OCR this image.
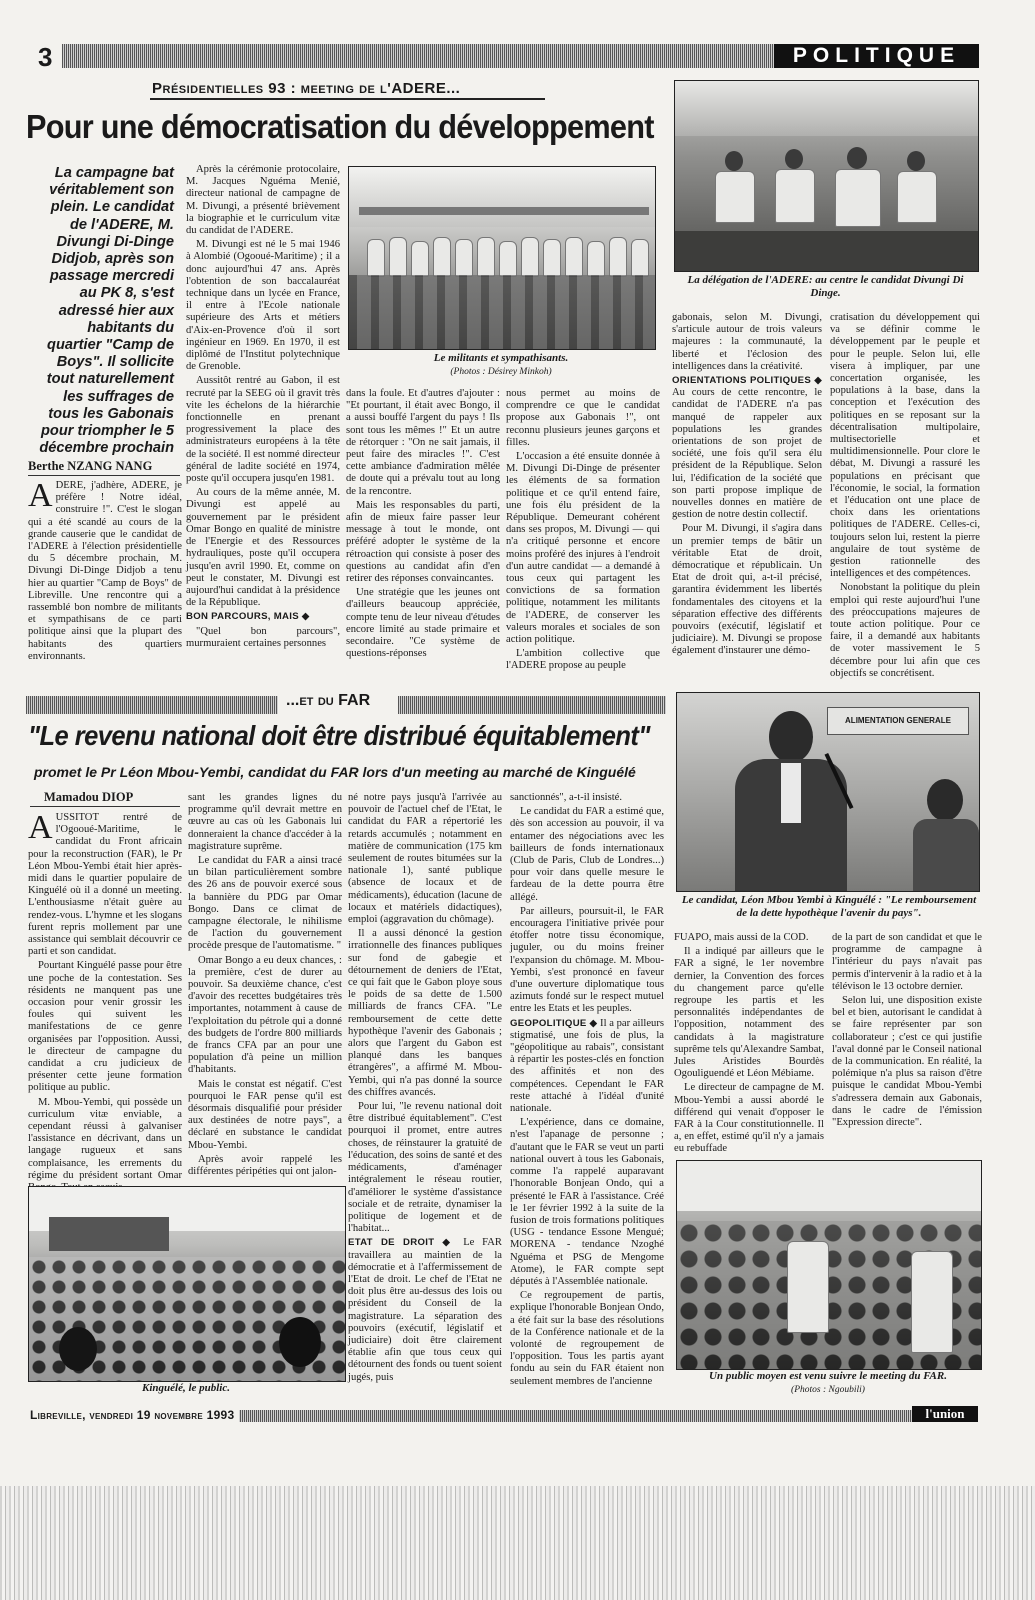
3	POLITIQUE
Présidentielles 93 : meeting de l'ADERE...
Pour une démocratisation du développement
La campagne bat véritablement son plein. Le candidat de l'ADERE, M. Divungi Di-Dinge Didjob, après son passage mercredi au PK 8, s'est adressé hier aux habitants du quartier "Camp de Boys". Il sollicite tout naturellement les suffrages de tous les Gabonais pour triompher le 5 décembre prochain
Berthe NZANG NANG

ADERE, j'adhère, ADERE, je préfère ! Notre idéal, construire !". C'est le slogan qui a été scandé au cours de la grande causerie que le candidat de l'ADERE à l'élection présidentielle du 5 décembre prochain, M. Divungi Di-Dinge Didjob a tenu hier au quartier "Camp de Boys" de Libreville. Une rencontre qui a rassemblé bon nombre de militants et sympathisans de ce parti politique ainsi que la plupart des habitants des quartiers environnants.

Après la cérémonie protocolaire, M. Jacques Nguéma Menié, directeur national de campagne de M. Divungi, a présenté brièvement la biographie et le curriculum vitæ du candidat de l'ADERE.

M. Divungi est né le 5 mai 1946 à Alombié (Ogooué-Maritime) ; il a donc aujourd'hui 47 ans. Après l'obtention de son baccalauréat technique dans un lycée en France, il entre à l'Ecole nationale supérieure des Arts et métiers d'Aix-en-Provence d'où il sort ingénieur en 1969. En 1970, il est diplômé de l'Institut polytechnique de Grenoble.

Aussitôt rentré au Gabon, il est recruté par la SEEG où il gravit très vite les échelons de la hiérarchie fonctionnelle en prenant progressivement la place des administrateurs européens à la tête de la société. Il est nommé directeur général de ladite société en 1974, poste qu'il occupera jusqu'en 1981.

Au cours de la même année, M. Divungi est appelé au gouvernement par le président Omar Bongo en qualité de ministre de l'Energie et des Ressources hydrauliques, poste qu'il occupera jusqu'en avril 1990. Et, comme on peut le constater, M. Divungi est aujourd'hui candidat à la présidence de la République.

BON PARCOURS, MAIS ◆

"Quel bon parcours", murmuraient certaines personnes

Le militants et sympathisants.
(Photos : Désirey Minkoh)

dans la foule. Et d'autres d'ajouter : "Et pourtant, il était avec Bongo, il a aussi bouffé l'argent du pays ! Ils sont tous les mêmes !" Et un autre de rétorquer : "On ne sait jamais, il peut faire des miracles !". C'est cette ambiance d'admiration mêlée de doute qui a prévalu tout au long de la rencontre.

Mais les responsables du parti, afin de mieux faire passer leur message à tout le monde, ont préféré adopter le système de la rétroaction qui consiste à poser des questions au candidat afin d'en retirer des réponses convaincantes.

Une stratégie que les jeunes ont d'ailleurs beaucoup appréciée, compte tenu de leur niveau d'études encore limité au stade primaire et secondaire. "Ce système de questions-réponses

nous permet au moins de comprendre ce que le candidat propose aux Gabonais !", ont reconnu plusieurs jeunes garçons et filles.

L'occasion a été ensuite donnée à M. Divungi Di-Dinge de présenter les éléments de sa formation politique et ce qu'il entend faire, une fois élu président de la République. Demeurant cohérent dans ses propos, M. Divungi — qui n'a critiqué personne et encore moins proféré des injures à l'endroit d'un autre candidat — a demandé à tous ceux qui partagent les convictions de sa formation politique, notamment les militants de l'ADERE, de conserver les valeurs morales et sociales de son action politique.

L'ambition collective que l'ADERE propose au peuple

La délégation de l'ADERE: au centre le candidat Divungi Di Dinge.

gabonais, selon M. Divungi, s'articule autour de trois valeurs majeures : la communauté, la liberté et l'éclosion des intelligences dans la créativité.

ORIENTATIONS POLITIQUES ◆ Au cours de cette rencontre, le candidat de l'ADERE n'a pas manqué de rappeler aux populations les grandes orientations de son projet de société, une fois qu'il sera élu président de la République. Selon lui, l'édification de la société que son parti propose implique de nouvelles donnes en matière de gestion de notre destin collectif.

Pour M. Divungi, il s'agira dans un premier temps de bâtir un véritable Etat de droit, démocratique et républicain. Un Etat de droit qui, a-t-il précisé, garantira évidemment les libertés fondamentales des citoyens et la séparation effective des différents pouvoirs (exécutif, législatif et judiciaire). M. Divungi se propose également d'instaurer une démo-

cratisation du développement qui va se définir comme le développement par le peuple et pour le peuple. Selon lui, elle visera à impliquer, par une concertation organisée, les populations à la base, dans la conception et l'exécution des politiques en se reposant sur la décentralisation multipolaire, multisectorielle et multidimensionnelle. Pour clore le débat, M. Divungi a rassuré les populations en précisant que l'économie, le social, la formation et l'éducation ont une place de choix dans les orientations politiques de l'ADERE. Celles-ci, toujours selon lui, restent la pierre angulaire de tout système de gestion rationnelle des intelligences et des compétences.

Nonobstant la politique du plein emploi qui reste aujourd'hui l'une des préoccupations majeures de toute action politique. Pour ce faire, il a demandé aux habitants de voter massivement le 5 décembre pour lui afin que ces objectifs se concrétisent.

...et du FAR
"Le revenu national doit être distribué équitablement"
promet le Pr Léon Mbou-Yembi, candidat du FAR lors d'un meeting au marché de Kinguélé
Mamadou DIOP

AUSSITOT rentré de l'Ogooué-Maritime, le candidat du Front africain pour la reconstruction (FAR), le Pr Léon Mbou-Yembi était hier après-midi dans le quartier populaire de Kinguélé où il a donné un meeting. L'enthousiasme n'était guère au rendez-vous. L'hymne et les slogans furent repris mollement par une assistance qui semblait découvrir ce parti et son candidat.

Pourtant Kinguélé passe pour être une poche de la contestation. Ses résidents ne manquent pas une occasion pour venir grossir les foules qui suivent les manifestations de ce genre organisées par l'opposition. Aussi, le directeur de campagne du candidat a cru judicieux de présenter cette jeune formation politique au public.

M. Mbou-Yembi, qui possède un curriculum vitæ enviable, a cependant réussi à galvaniser l'assistance en décrivant, dans un langage rugueux et sans complaisance, les errements du régime du président sortant Omar

sant les grandes lignes du programme qu'il devrait mettre en œuvre au cas où les Gabonais lui donneraient la chance d'accéder à la magistrature suprême.

Le candidat du FAR a ainsi tracé un bilan particulièrement sombre des 26 ans de pouvoir exercé sous la bannière du PDG par Omar Bongo. Dans ce climat de campagne électorale, le nihilisme de l'action du gouvernement procède presque de l'automatisme. "

Omar Bongo a eu deux chances, : la première, c'est de durer au pouvoir. Sa deuxième chance, c'est d'avoir des recettes budgétaires très importantes, notamment à cause de l'exploitation du pétrole qui a donné des budgets de l'ordre 800 milliards de francs CFA par an pour une population d'à peine un million d'habitants.

Mais le constat est négatif. C'est pourquoi le FAR pense qu'il est désormais disqualifié pour présider aux destinées de notre pays", a déclaré en substance le candidat Mbou-Yembi.

Après avoir rappelé les différentes péripéties qui ont jalon-

né notre pays jusqu'à l'arrivée au pouvoir de l'actuel chef de l'Etat, le candidat du FAR a répertorié les retards accumulés ; notamment en matière de communication (175 km seulement de routes bitumées sur la nationale 1), santé publique (absence de locaux et de médicaments), éducation (lacune de locaux et matériels didactiques), emploi (aggravation du chômage).

Il a aussi dénoncé la gestion irrationnelle des finances publiques sur fond de gabegie et détournement de deniers de l'Etat, ce qui fait que le Gabon ploye sous le poids de sa dette de 1.500 milliards de francs CFA. "Le remboursement de cette dette hypothèque l'avenir des Gabonais ; alors que l'argent du Gabon est planqué dans les banques étrangères", a affirmé M. Mbou-Yembi, qui n'a pas donné la source des chiffres avancés.

Pour lui, "le revenu national doit être distribué équitablement". C'est pourquoi il promet, entre autres choses, de réinstaurer la gratuité de l'éducation, des soins de santé et des médicaments, d'aménager intégralement le réseau routier, d'améliorer le système d'assistance sociale et de retraite, dynamiser la politique de logement et de l'habitat...

ETAT DE DROIT ◆ Le FAR travaillera au maintien de la démocratie et à l'affermissement de l'Etat de droit. Le chef de l'Etat ne doit plus être au-dessus des lois ou président du Conseil de la magistrature. La séparation des pouvoirs (exécutif, législatif et judiciaire) doit être clairement établie afin que tous ceux qui détournent des fonds ou tuent soient jugés, puis

sanctionnés", a-t-il insisté.

Le candidat du FAR a estimé que, dès son accession au pouvoir, il va entamer des négociations avec les bailleurs de fonds internationaux (Club de Paris, Club de Londres...) pour voir dans quelle mesure le fardeau de la dette pourra être allégé.

Par ailleurs, poursuit-il, le FAR encouragera l'initiative privée pour étoffer notre tissu économique, juguler, ou du moins freiner l'expansion du chômage. M. Mbou-Yembi, s'est prononcé en faveur d'une ouverture diplomatique tous azimuts fondé sur le respect mutuel entre les Etats et les peuples.

GEOPOLITIQUE ◆ Il a par ailleurs stigmatisé, une fois de plus, la "géopolitique au rabais", consistant à répartir les postes-clés en fonction des affinités et non des compétences. Cependant le FAR reste attaché à l'idéal d'unité nationale.

L'expérience, dans ce domaine, n'est l'apanage de personne ; d'autant que le FAR se veut un parti national ouvert à tous les Gabonais, comme l'a rappelé auparavant l'honorable Bonjean Ondo, qui a présenté le FAR à l'assistance. Créé le 1er février 1992 à la suite de la fusion de trois formations politiques (USG - tendance Essone Mengué; MORENA - tendance Nzoghé Nguéma et PSG de Mengome Atome), le FAR compte sept députés à l'Assemblée nationale.

Ce regroupement de partis, explique l'honorable Bonjean Ondo, a été fait sur la base des résolutions de la Conférence nationale et de la volonté de regroupement de l'opposition. Tous les partis ayant fondu au sein du FAR étaient non seulement membres de l'ancienne

ALIMENTATION GENERALE
Le candidat, Léon Mbou Yembi à Kinguélé : "Le remboursement de la dette hypothèque l'avenir du pays".

FUAPO, mais aussi de la COD.

Il a indiqué par ailleurs que le FAR a signé, le 1er novembre dernier, la Convention des forces du changement parce qu'elle regroupe les partis et les personnalités indépendantes de l'opposition, notamment des candidats à la magistrature suprême tels qu'Alexandre Sambat, Jules Aristides Bourdès Ogouliguendé et Léon Mébiame.

Le directeur de campagne de M. Mbou-Yembi a aussi abordé le différend qui venait d'opposer le FAR à la Cour constitutionnelle. Il a, en effet, estimé qu'il n'y a jamais eu rebuffade

de la part de son candidat et que le programme de campagne à l'intérieur du pays n'avait pas permis d'intervenir à la radio et à la télévison le 13 octobre dernier.

Selon lui, une disposition existe bel et bien, autorisant le candidat à se faire représenter par son collaborateur ; c'est ce qui justifie l'aval donné par le Conseil national de la communication. En réalité, la polémique n'a plus sa raison d'être puisque le candidat Mbou-Yembi s'adressera demain aux Gabonais, dans le cadre de l'émission "Expression directe".

Kinguélé, le public.
Un public moyen est venu suivre le meeting du FAR.
(Photos : Ngoubili)
Libreville, vendredi 19 novembre 1993	l'union
